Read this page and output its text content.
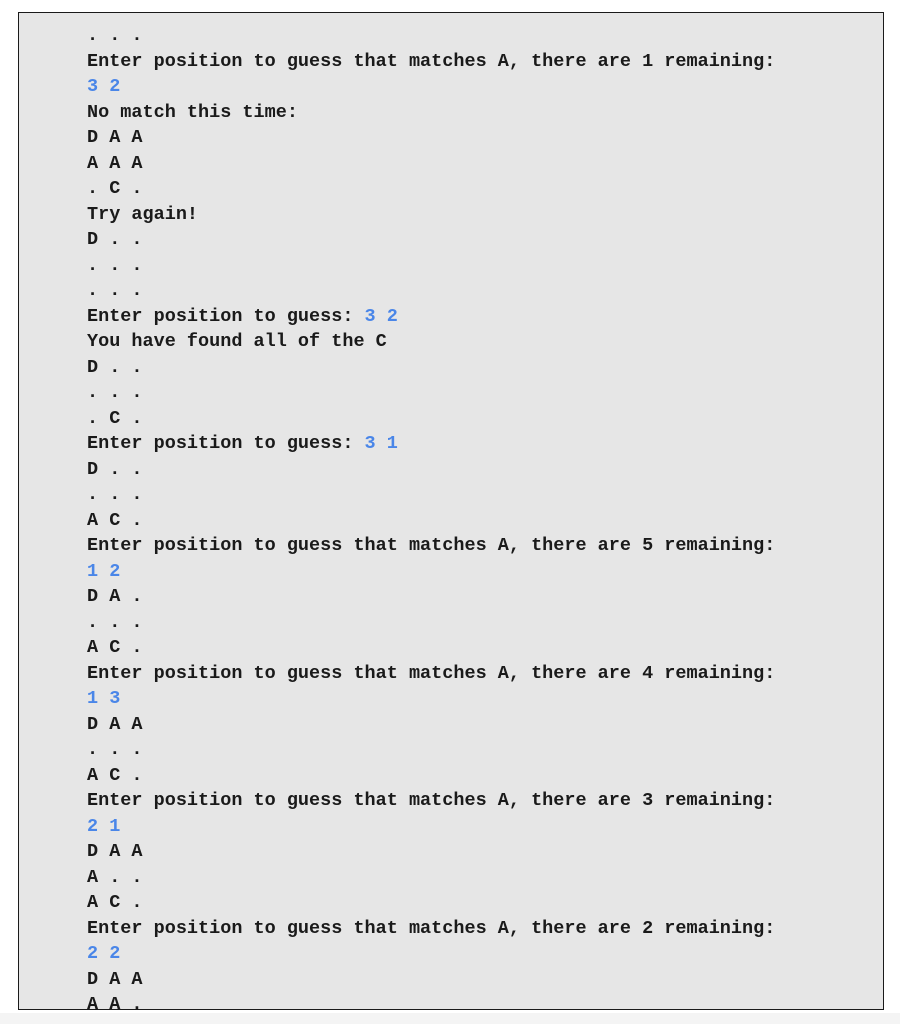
. . .
Enter position to guess that matches A, there are 1 remaining:
3 2
No match this time:
D A A
A A A
. C .
Try again!
D . .
. . .
. . .
Enter position to guess: 3 2
You have found all of the C
D . .
. . .
. C .
Enter position to guess: 3 1
D . .
. . .
A C .
Enter position to guess that matches A, there are 5 remaining:
1 2
D A .
. . .
A C .
Enter position to guess that matches A, there are 4 remaining:
1 3
D A A
. . .
A C .
Enter position to guess that matches A, there are 3 remaining:
2 1
D A A
A . .
A C .
Enter position to guess that matches A, there are 2 remaining:
2 2
D A A
A A .
